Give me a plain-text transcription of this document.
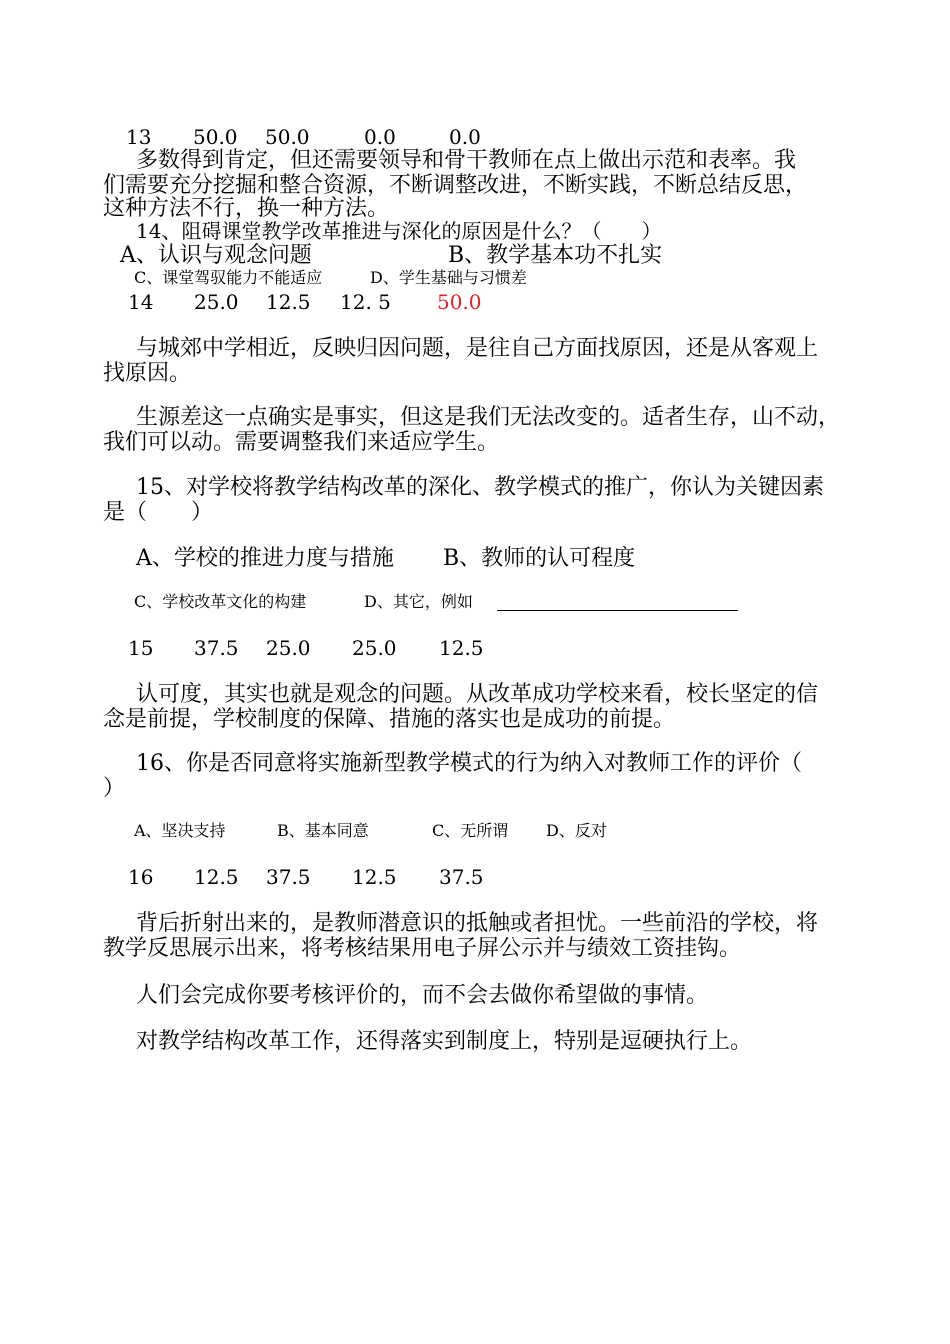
13 50.0 50.0	0.0	0.0
多数得到肯定，但还需要领导和骨干教师在点上做出示范和表率。我
们需要充分挖掘和整合资源，不断调整改进，不断实践，不断总结反思，
这种方法不行，换一种方法。
14、阻碍课堂教学改革推进与深化的原因是什么？（　　）
A、认识与观念问题	B、教学基本功不扎实
C、课堂驾驭能力不能适应	D、学生基础与习惯差
14 25.0 12.5 12. 5 50.0
与城郊中学相近，反映归因问题，是往自己方面找原因，还是从客观上
找原因。
生源差这一点确实是事实，但这是我们无法改变的。适者生存，山不动，
我们可以动。需要调整我们来适应学生。
15、对学校将教学结构改革的深化、教学模式的推广，你认为关键因素
是（　　）
A、学校的推进力度与措施 B、教师的认可程度
C、学校改革文化的构建	D、其它，例如
15 37.5 25.0 25.0 12.5
认可度，其实也就是观念的问题。从改革成功学校来看，校长坚定的信
念是前提，学校制度的保障、措施的落实也是成功的前提。
16、你是否同意将实施新型教学模式的行为纳入对教师工作的评价（
）
A、坚决支持	B、基本同意	C、无所谓 D、反对
16 12.5 37.5 12.5 37.5
背后折射出来的，是教师潜意识的抵触或者担忧。一些前沿的学校，将
教学反思展示出来，将考核结果用电子屏公示并与绩效工资挂钩。
人们会完成你要考核评价的，而不会去做你希望做的事情。
对教学结构改革工作，还得落实到制度上，特别是逗硬执行上。
